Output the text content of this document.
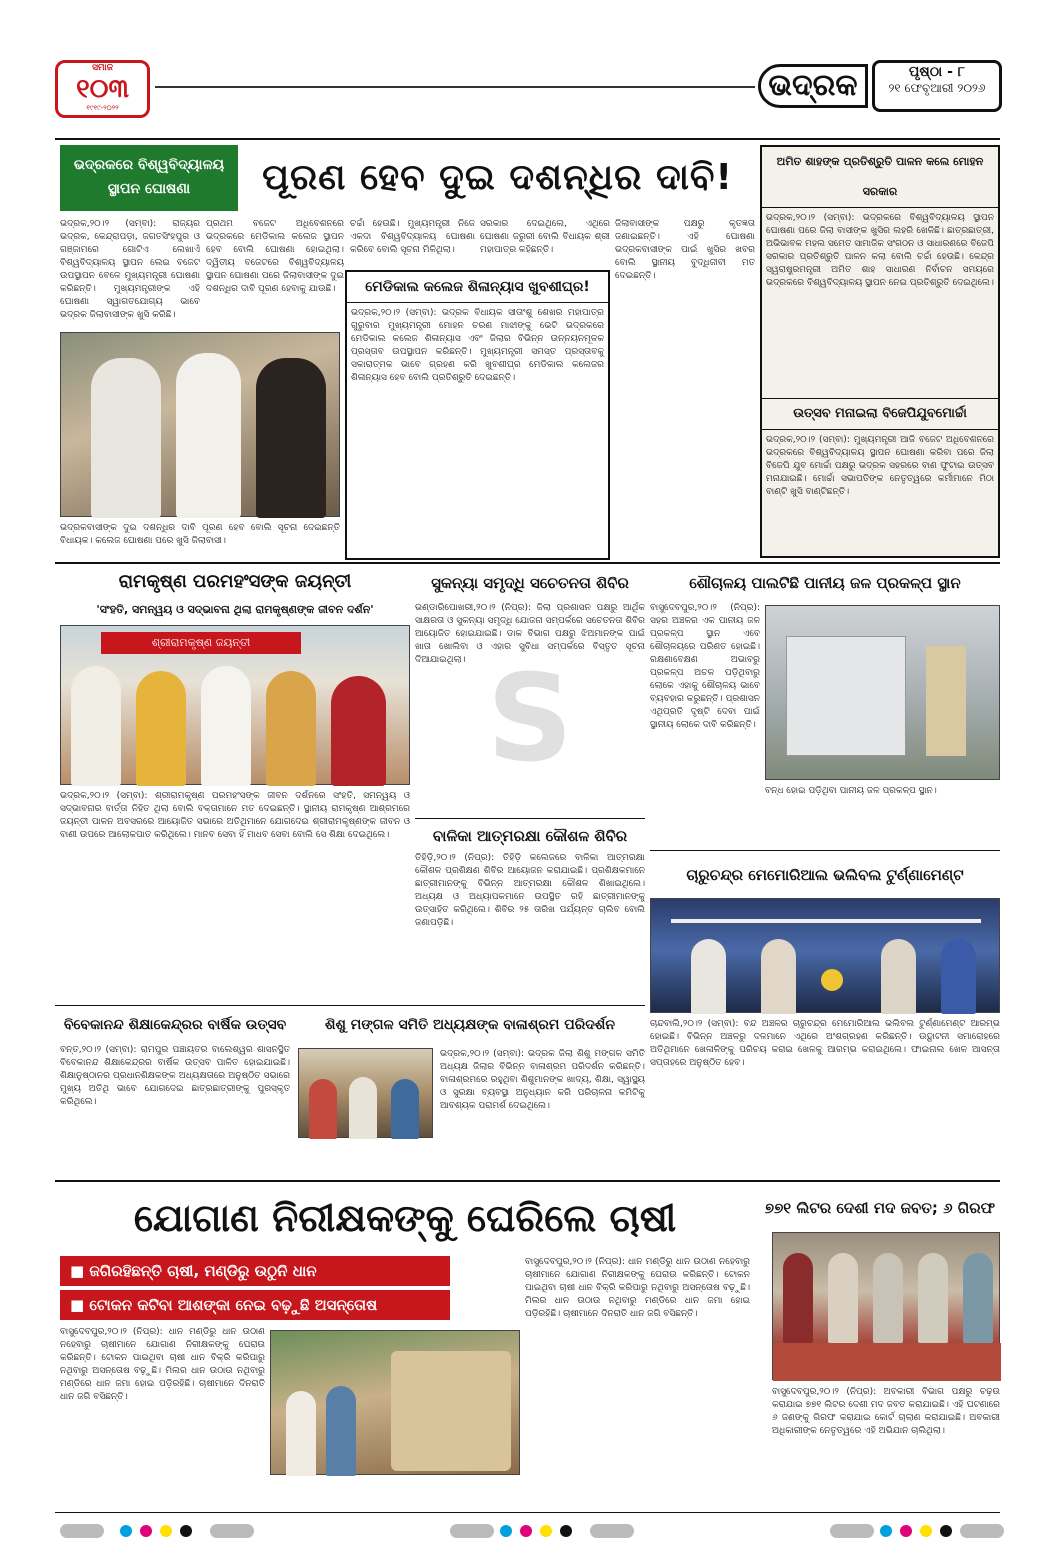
ସମାଜ
୧୦୩
୧୯୧୯-୨୦୨୨
ଭଦ୍ରକ	ପୃଷ୍ଠା - ୮
୨୧ ଫେବୃଆରୀ ୨୦୨୬
ଭଦ୍ରକରେ ବିଶ୍ୱବିଦ୍ୟାଳୟ ସ୍ଥାପନ ଘୋଷଣା	ପୂରଣ ହେବ ଦୁଇ ଦଶନ୍ଧିର ଦାବି!
ଭଦ୍ରକ,୨୦।୨ (ସମ୍ବା): ରାଜ୍ୟର ଭଦ୍ରକ, କେନ୍ଦ୍ରାପଡ଼ା, ଜଗତସିଂହପୁର ଓ ଗଞ୍ଜାମରେ ଗୋଟିଏ ଲେଖାଏଁ ବିଶ୍ୱବିଦ୍ୟାଳୟ ସ୍ଥାପନ ଲେଇ ବଜେଟ ଉପସ୍ଥାପନ ବେଳେ ମୁଖ୍ୟମନ୍ତ୍ରୀ ଘୋଷଣା କରିଛନ୍ତି। ମୁଖ୍ୟମନ୍ତ୍ରୀଙ୍କ ଏହି ଘୋଷଣା ସ୍ୱାଗତଯୋଗ୍ୟ ଭାବେ ଭଦ୍ରକ ଜିଲାବାସୀଙ୍କ ଖୁସି କରିଛି।
ପ୍ରଥମ ବଜେଟ ଅଧିବେଶନରେ ଭଦ୍ରକରେ ମେଡିକାଲ କଲେଜ ସ୍ଥାପନ ହେବ ବୋଲି ଘୋଷଣା ହୋଇଥିଲା। ଦ୍ୱିତୀୟ ବଜେଟରେ ବିଶ୍ୱବିଦ୍ୟାଳୟ ସ୍ଥାପନ ଘୋଷଣା ପରେ ଜିଲାବାସୀଙ୍କ ଦୁଇ ଦଶନ୍ଧିର ଦାବି ପୂରଣ ହେବାକୁ ଯାଉଛି।
ଚର୍ଚ୍ଚା ହେଉଛି। ମୁଖ୍ୟମନ୍ତ୍ରୀ ନିଜେ ଏକଦା ବିଶ୍ୱବିଦ୍ୟାଳୟ ଘୋଷଣା କରିବେ ବୋଲି ସୂଚନା ମିଳିଥିଲା।
ସରକାର ଦେଇଥିଲେ, ଏଥିରେ ଘୋଷଣା ଜରୁରୀ ବୋଲି ବିଧାୟକ ଶ୍ରୀ ମହାପାତ୍ର କହିଛନ୍ତି।
ଜିଲାବାସୀଙ୍କ ପକ୍ଷରୁ କୃତଜ୍ଞତା ଜଣାଇଛନ୍ତି। ଏହି ଘୋଷଣା ଭଦ୍ରକବାସୀଙ୍କ ପାଇଁ ଖୁସିର ଖବର ବୋଲି ସ୍ଥାନୀୟ ବୁଦ୍ଧିଜୀବୀ ମତ ଦେଇଛନ୍ତି।
ଭଦ୍ରକବାସୀଙ୍କ ଦୁଇ ଦଶନ୍ଧିର ଦାବି ପୂରଣ ହେବ ବୋଲି ସୂଚନା ଦେଇଛନ୍ତି ବିଧାୟକ। କଲେଜ ଘୋଷଣା ପରେ ଖୁସି ଜିଲାବାସୀ।
ମେଡିକାଲ କଲେଜ ଶିଳାନ୍ୟାସ ଖୁବଶୀଘ୍ର!
ଭଦ୍ରକ,୨୦।୨ (ସମ୍ବା): ଭଦ୍ରକ ବିଧାୟକ ସୀତାଂଶୁ ଶେଖର ମହାପାତ୍ର ଗୁରୁବାର ମୁଖ୍ୟମନ୍ତ୍ରୀ ମୋହନ ଚରଣ ମାଝୀଙ୍କୁ ଭେଟି ଭଦ୍ରକରେ ମେଡିକାଲ କଲେଜ ଶିଳାନ୍ୟାସ ଏବଂ ଜିଲାର ବିଭିନ୍ନ ଉନ୍ନୟନମୂଳକ ପ୍ରସ୍ତାବ ଉପସ୍ଥାପନ କରିଛନ୍ତି। ମୁଖ୍ୟମନ୍ତ୍ରୀ ସମସ୍ତ ପ୍ରସ୍ତାବକୁ ସକାରାତ୍ମକ ଭାବେ ଗ୍ରହଣ କରି ଖୁବଶୀଘ୍ର ମେଡିକାଲ କଲେଜର ଶିଳାନ୍ୟାସ ହେବ ବୋଲି ପ୍ରତିଶ୍ରୁତି ଦେଇଛନ୍ତି।
ଅମିତ ଶାହଙ୍କ ପ୍ରତିଶ୍ରୁତି ପାଳନ କଲେ ମୋହନ ସରକାର
ଭଦ୍ରକ,୨୦।୨ (ସମ୍ବା): ଭଦ୍ରକରେ ବିଶ୍ୱବିଦ୍ୟାଳୟ ସ୍ଥାପନ ଘୋଷଣା ପରେ ଜିଲା ବାସୀଙ୍କ ଖୁସିର ଲହରି ଖେଳିଛି। ଛାତ୍ରଛାତ୍ରୀ, ଅଭିଭାବକ ମହଲ ସମେତ ସାମାଜିକ ସଂଗଠନ ଓ ସାଧାରଣରେ ବିଜେପି ସରକାର ପ୍ରତିଶ୍ରୁତି ପାଳନ କଲା ବୋଲି ଚର୍ଚ୍ଚା ହେଉଛି। କେନ୍ଦ୍ର ସ୍ୱରାଷ୍ଟ୍ରମନ୍ତ୍ରୀ ଅମିତ ଶାହ ସାଧାରଣ ନିର୍ବାଚନ ସମୟରେ ଭଦ୍ରକରେ ବିଶ୍ୱବିଦ୍ୟାଳୟ ସ୍ଥାପନ ନେଇ ପ୍ରତିଶ୍ରୁତି ଦେଇଥିଲେ।
ଉତ୍ସବ ମନାଇଲା ବିଜେପିଯୁବମୋର୍ଚ୍ଚା
ଭଦ୍ରକ,୨୦।୨ (ସମ୍ବା): ମୁଖ୍ୟମନ୍ତ୍ରୀ ଆଜି ବଜେଟ ଅଧିବେଶନରେ ଭଦ୍ରକରେ ବିଶ୍ୱବିଦ୍ୟାଳୟ ସ୍ଥାପନ ଘୋଷଣା କରିବା ପରେ ଜିଲା ବିଜେପି ଯୁବ ମୋର୍ଚ୍ଚା ପକ୍ଷରୁ ଭଦ୍ରକ ସହରରେ ବାଣ ଫୁଟାଇ ଉତ୍ସବ ମନାଯାଇଛି। ମୋର୍ଚ୍ଚା ସଭାପତିଙ୍କ ନେତୃତ୍ୱରେ କର୍ମୀମାନେ ମିଠା ବାଣ୍ଟି ଖୁସି ବାଣ୍ଟିଛନ୍ତି।
ରାମକୃଷ୍ଣ ପରମହଂସଙ୍କ ଜୟନ୍ତୀ
'ସଂହତି, ସମନ୍ୱୟ ଓ ସଦ୍ଭାବନା ଥିଲା ରାମକୃଷ୍ଣଙ୍କ ଜୀବନ ଦର୍ଶନ'
ଶ୍ରୀରାମକୃଷ୍ଣ ଜୟନ୍ତୀ
ଭଦ୍ରକ,୨୦।୨ (ସମ୍ବା): ଶ୍ରୀରାମକୃଷ୍ଣ ପରମହଂସଙ୍କ ଜୀବନ ଦର୍ଶନରେ ସଂହତି, ସମନ୍ୱୟ ଓ ସଦ୍ଭାବନାର ବାର୍ତ୍ତା ନିହିତ ଥିଲା ବୋଲି ବକ୍ତାମାନେ ମତ ଦେଇଛନ୍ତି। ସ୍ଥାନୀୟ ରାମକୃଷ୍ଣ ଆଶ୍ରମରେ ଜୟନ୍ତୀ ପାଳନ ଅବସରରେ ଆୟୋଜିତ ସଭାରେ ଅତିଥିମାନେ ଯୋଗଦେଇ ଶ୍ରୀରାମକୃଷ୍ଣଙ୍କ ଜୀବନ ଓ ବାଣୀ ଉପରେ ଆଲୋକପାତ କରିଥିଲେ। ମାନବ ସେବା ହିଁ ମାଧବ ସେବା ବୋଲି ସେ ଶିକ୍ଷା ଦେଇଥିଲେ।
ସୁକନ୍ୟା ସମୃଦ୍ଧି ସଚେତନତା ଶିବିର
ଭଣ୍ଡାରିପୋଖରୀ,୨୦।୨ (ନିପ୍ର): ଜିଲା ପ୍ରଶାସନ ପକ୍ଷରୁ ଆର୍ଥିକ ସାକ୍ଷରତା ଓ ସୁକନ୍ୟା ସମୃଦ୍ଧି ଯୋଜନା ସମ୍ପର୍କରେ ସଚେତନତା ଶିବିର ଆୟୋଜିତ ହୋଇଯାଇଛି। ଡାକ ବିଭାଗ ପକ୍ଷରୁ ଝିଅମାନଙ୍କ ପାଇଁ ଖାତା ଖୋଲିବା ଓ ଏହାର ସୁବିଧା ସମ୍ପର୍କରେ ବିସ୍ତୃତ ସୂଚନା ଦିଆଯାଇଥିଲା। S
ବାଳିକା ଆତ୍ମରକ୍ଷା କୌଶଳ ଶିବିର
ତିହିଡ଼ି,୨୦।୨ (ନିପ୍ର): ତିହିଡ଼ି କଲେଜରେ ବାଳିକା ଆତ୍ମରକ୍ଷା କୌଶଳ ପ୍ରଶିକ୍ଷଣ ଶିବିର ଆୟୋଜନ କରାଯାଇଛି। ପ୍ରଶିକ୍ଷକମାନେ ଛାତ୍ରୀମାନଙ୍କୁ ବିଭିନ୍ନ ଆତ୍ମରକ୍ଷା କୌଶଳ ଶିଖାଇଥିଲେ। ଅଧ୍ୟକ୍ଷ ଓ ଅଧ୍ୟାପକମାନେ ଉପସ୍ଥିତ ରହି ଛାତ୍ରୀମାନଙ୍କୁ ଉତ୍ସାହିତ କରିଥିଲେ। ଶିବିର ୨୫ ତାରିଖ ପର୍ଯ୍ୟନ୍ତ ଚାଲିବ ବୋଲି ଜଣାପଡ଼ିଛି।
ଶୌଚାଳୟ ପାଲଟିଛି ପାନୀୟ ଜଳ ପ୍ରକଳ୍ପ ସ୍ଥାନ
ବାସୁଦେବପୁର,୨୦।୨ (ନିପ୍ର): ସହର ଅଞ୍ଚଳର ଏକ ପାନୀୟ ଜଳ ପ୍ରକଳ୍ପ ସ୍ଥାନ ଏବେ ଶୌଚାଳୟରେ ପରିଣତ ହୋଇଛି। ରକ୍ଷଣାବେକ୍ଷଣ ଅଭାବରୁ ପ୍ରକଳ୍ପ ଅଚଳ ପଡ଼ିଥିବାରୁ ଲୋକେ ଏହାକୁ ଶୌଚାଳୟ ଭାବେ ବ୍ୟବହାର କରୁଛନ୍ତି। ପ୍ରଶାସନ ଏଥିପ୍ରତି ଦୃଷ୍ଟି ଦେବା ପାଇଁ ସ୍ଥାନୀୟ ଲୋକେ ଦାବି କରିଛନ୍ତି।
ବନ୍ଧ ହୋଇ ପଡ଼ିଥିବା ପାନୀୟ ଜଳ ପ୍ରକଳ୍ପ ସ୍ଥାନ।
ଚାରୁଚନ୍ଦ୍ର ମେମୋରିଆଲ ଭଲିବଲ ଟୁର୍ଣ୍ଣାମେଣ୍ଟ
ଚାନ୍ଦବାଲି,୨୦।୨ (ସମ୍ବା): ବନ୍ଦ ଅଞ୍ଚଳର ଚାରୁଚନ୍ଦ୍ର ମେମୋରିଆଲ ଭଲିବଲ ଟୁର୍ଣ୍ଣାମେଣ୍ଟ ଆରମ୍ଭ ହୋଇଛି। ବିଭିନ୍ନ ଅଞ୍ଚଳରୁ ଦଳମାନେ ଏଥିରେ ଅଂଶଗ୍ରହଣ କରିଛନ୍ତି। ଉଦ୍ଘାଟନୀ ସମାରୋହରେ ଅତିଥିମାନେ ଖେଳାଳିଙ୍କୁ ପରିଚୟ କରାଇ ଖେଳକୁ ଆରମ୍ଭ କରାଇଥିଲେ। ଫାଇନାଲ ଖେଳ ଆସନ୍ତା ସପ୍ତାହରେ ଅନୁଷ୍ଠିତ ହେବ।
ବିବେକାନନ୍ଦ ଶିକ୍ଷାକେନ୍ଦ୍ରର ବାର୍ଷିକ ଉତ୍ସବ
ବନ୍ତ,୨୦।୨ (ସମ୍ବା): ରାମପୁର ପଞ୍ଚାୟତର ବାଲେଶ୍ୱର ଶାସନସ୍ଥିତ ବିବେକାନନ୍ଦ ଶିକ୍ଷାକେନ୍ଦ୍ରର ବାର୍ଷିକ ଉତ୍ସବ ପାଳିତ ହୋଇଯାଇଛି। ଶିକ୍ଷାନୁଷ୍ଠାନର ପ୍ରଧାନଶିକ୍ଷକଙ୍କ ଅଧ୍ୟକ୍ଷତାରେ ଅନୁଷ୍ଠିତ ସଭାରେ ମୁଖ୍ୟ ଅତିଥି ଭାବେ ଯୋଗଦେଇ ଛାତ୍ରଛାତ୍ରୀଙ୍କୁ ପୁରସ୍କୃତ କରିଥିଲେ।
ଶିଶୁ ମଙ୍ଗଳ ସମିତି ଅଧ୍ୟକ୍ଷଙ୍କ ବାଳାଶ୍ରମ ପରିଦର୍ଶନ
ଭଦ୍ରକ,୨୦।୨ (ସମ୍ବା): ଭଦ୍ରକ ଜିଲା ଶିଶୁ ମଙ୍ଗଳ ସମିତି ଅଧ୍ୟକ୍ଷ ଜିଲାର ବିଭିନ୍ନ ବାଳାଶ୍ରମ ପରିଦର୍ଶନ କରିଛନ୍ତି। ବାଳାଶ୍ରମରେ ରହୁଥିବା ଶିଶୁମାନଙ୍କ ଖାଦ୍ୟ, ଶିକ୍ଷା, ସ୍ୱାସ୍ଥ୍ୟ ଓ ସୁରକ୍ଷା ବ୍ୟବସ୍ଥା ଅନୁଧ୍ୟାନ କରି ପରିଚାଳନା କମିଟିକୁ ଆବଶ୍ୟକ ପରାମର୍ଶ ଦେଇଥିଲେ।
ଯୋଗାଣ ନିରୀକ୍ଷକଙ୍କୁ ଘେରିଲେ ଚାଷୀ
■ ଜଗିରହିଛନ୍ତି ଚାଷୀ, ମଣ୍ଡିରୁ ଉଠୁନି ଧାନ
■ ଟୋକନ କଟିବା ଆଶଙ୍କା ନେଇ ବଢ଼ୁଛି ଅସନ୍ତୋଷ
ବାସୁଦେବପୁର,୨୦।୨ (ନିପ୍ର): ଧାନ ମଣ୍ଡିରୁ ଧାନ ଉଠାଣ ନହେବାରୁ ଚାଷୀମାନେ ଯୋଗାଣ ନିରୀକ୍ଷକଙ୍କୁ ଘେରାଉ କରିଛନ୍ତି। ଟୋକନ ପାଇଥିବା ଚାଷୀ ଧାନ ବିକ୍ରି କରିପାରୁ ନଥିବାରୁ ଅସନ୍ତୋଷ ବଢ଼ୁଛି। ମିଲର ଧାନ ଉଠାଉ ନଥିବାରୁ ମଣ୍ଡିରେ ଧାନ ଜମା ହୋଇ ପଡ଼ିରହିଛି। ଚାଷୀମାନେ ଦିନରାତି ଧାନ ଜଗି ବସିଛନ୍ତି।
ବାସୁଦେବପୁର,୨୦।୨ (ନିପ୍ର): ଧାନ ମଣ୍ଡିରୁ ଧାନ ଉଠାଣ ନହେବାରୁ ଚାଷୀମାନେ ଯୋଗାଣ ନିରୀକ୍ଷକଙ୍କୁ ଘେରାଉ କରିଛନ୍ତି। ଟୋକନ ପାଇଥିବା ଚାଷୀ ଧାନ ବିକ୍ରି କରିପାରୁ ନଥିବାରୁ ଅସନ୍ତୋଷ ବଢ଼ୁଛି। ମିଲର ଧାନ ଉଠାଉ ନଥିବାରୁ ମଣ୍ଡିରେ ଧାନ ଜମା ହୋଇ ପଡ଼ିରହିଛି। ଚାଷୀମାନେ ଦିନରାତି ଧାନ ଜଗି ବସିଛନ୍ତି।
୭୭୧ ଲିଟର ଦେଶୀ ମଦ ଜବତ; ୬ ଗିରଫ
ବାସୁଦେବପୁର,୨୦।୨ (ନିପ୍ର): ଅବକାରୀ ବିଭାଗ ପକ୍ଷରୁ ଚଢ଼ଉ କରାଯାଇ ୭୭୧ ଲିଟର ଦେଶୀ ମଦ ଜବତ କରାଯାଇଛି। ଏହି ଘଟଣାରେ ୬ ଜଣଙ୍କୁ ଗିରଫ କରାଯାଇ କୋର୍ଟ ଚାଲାଣ କରାଯାଇଛି। ଅବକାରୀ ଅଧିକାରୀଙ୍କ ନେତୃତ୍ୱରେ ଏହି ଅଭିଯାନ ଚାଲିଥିଲା।
